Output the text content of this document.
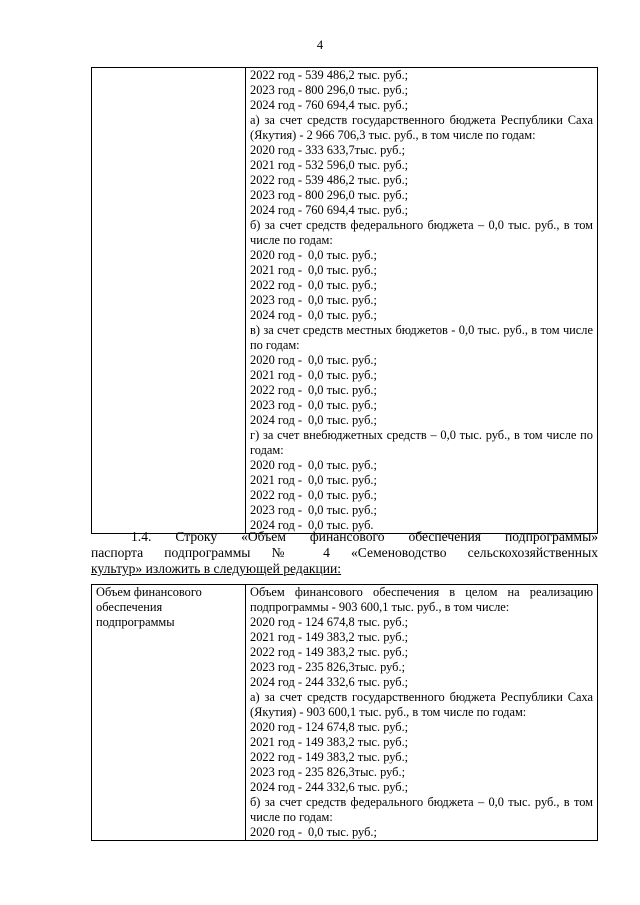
4

2022 год - 539 486,2 тыс. руб.;
2023 год - 800 296,0 тыс. руб.;
2024 год - 760 694,4 тыс. руб.;
а) за счет средств государственного бюджета Республики Саха (Якутия) - 2 966 706,3 тыс. руб., в том числе по годам:
2020 год - 333 633,7тыс. руб.;
2021 год - 532 596,0 тыс. руб.;
2022 год - 539 486,2 тыс. руб.;
2023 год - 800 296,0 тыс. руб.;
2024 год - 760 694,4 тыс. руб.;
б) за счет средств федерального бюджета – 0,0 тыс. руб., в том числе по годам:
2020 год - 0,0 тыс. руб.;
2021 год - 0,0 тыс. руб.;
2022 год - 0,0 тыс. руб.;
2023 год - 0,0 тыс. руб.;
2024 год - 0,0 тыс. руб.;
в) за счет средств местных бюджетов - 0,0 тыс. руб., в том числе по годам:
2020 год - 0,0 тыс. руб.;
2021 год - 0,0 тыс. руб.;
2022 год - 0,0 тыс. руб.;
2023 год - 0,0 тыс. руб.;
2024 год - 0,0 тыс. руб.;
г) за счет внебюджетных средств – 0,0 тыс. руб., в том числе по годам:
2020 год - 0,0 тыс. руб.;
2021 год - 0,0 тыс. руб.;
2022 год - 0,0 тыс. руб.;
2023 год - 0,0 тыс. руб.;
2024 год - 0,0 тыс. руб.
1.4. Строку «Объем финансового обеспечения подпрограммы»
паспорта подпрограммы № 4 «Семеноводство сельскохозяйственных
культур» изложить в следующей редакции:
Объем финансового обеспечения подпрограммы

Объем финансового обеспечения в целом на реализацию подпрограммы - 903 600,1 тыс. руб., в том числе:
2020 год - 124 674,8 тыс. руб.;
2021 год - 149 383,2 тыс. руб.;
2022 год - 149 383,2 тыс. руб.;
2023 год - 235 826,3тыс. руб.;
2024 год - 244 332,6 тыс. руб.;
а) за счет средств государственного бюджета Республики Саха (Якутия) - 903 600,1 тыс. руб., в том числе по годам:
2020 год - 124 674,8 тыс. руб.;
2021 год - 149 383,2 тыс. руб.;
2022 год - 149 383,2 тыс. руб.;
2023 год - 235 826,3тыс. руб.;
2024 год - 244 332,6 тыс. руб.;
б) за счет средств федерального бюджета – 0,0 тыс. руб., в том числе по годам:
2020 год - 0,0 тыс. руб.;
